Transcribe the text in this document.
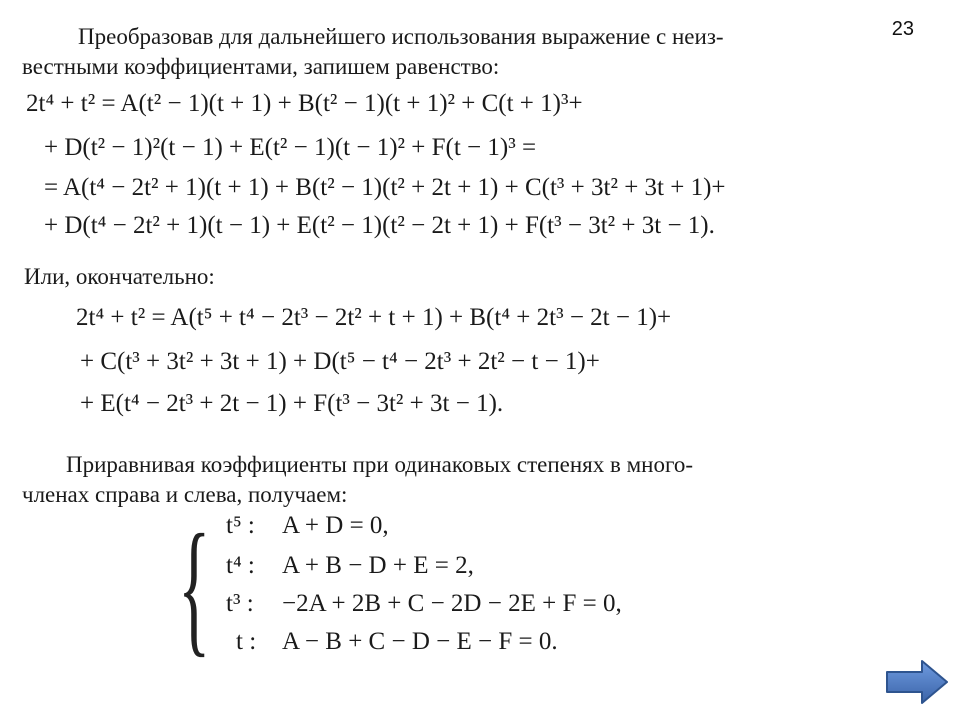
23
Преобразовав для дальнейшего использования выражение с неиз-
вестными коэффициентами, запишем равенство:
2t⁴ + t² = A(t² − 1)(t + 1) + B(t² − 1)(t + 1)² + C(t + 1)³+
+ D(t² − 1)²(t − 1) + E(t² − 1)(t − 1)² + F(t − 1)³ =
= A(t⁴ − 2t² + 1)(t + 1) + B(t² − 1)(t² + 2t + 1) + C(t³ + 3t² + 3t + 1)+
+ D(t⁴ − 2t² + 1)(t − 1) + E(t² − 1)(t² − 2t + 1) + F(t³ − 3t² + 3t − 1).
Или, окончательно:
2t⁴ + t² = A(t⁵ + t⁴ − 2t³ − 2t² + t + 1) + B(t⁴ + 2t³ − 2t − 1)+
+ C(t³ + 3t² + 3t + 1) + D(t⁵ − t⁴ − 2t³ + 2t² − t − 1)+
+ E(t⁴ − 2t³ + 2t − 1) + F(t³ − 3t² + 3t − 1).
Приравнивая коэффициенты при одинаковых степенях в много-
членах справа и слева, получаем:
{ t⁵ : A + D = 0,
t⁴ : A + B − D + E = 2,
t³ : −2A + 2B + C − 2D − 2E + F = 0,
t : A − B + C − D − E − F = 0.
